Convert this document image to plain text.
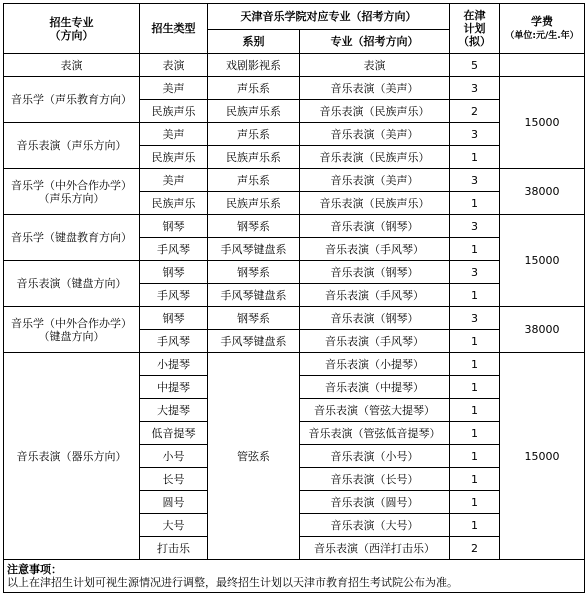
招生专业
（方向）	招生类型	天津音乐学院对应专业（招考方向）		在津
计划
（拟）	学费
（单位:元/生.年）
		系别	专业（招考方向）		
表演	表演	戏剧影视系	表演	5	
音乐学（声乐教育方向）	美声	声乐系	音乐表演（美声）	3	15000
	民族声乐	民族声乐系	音乐表演（民族声乐）	2	
音乐表演（声乐方向）	美声	声乐系	音乐表演（美声）	3	
	民族声乐	民族声乐系	音乐表演（民族声乐）	1	
音乐学（中外合作办学）
（声乐方向）	美声	声乐系	音乐表演（美声）	3	38000
	民族声乐	民族声乐系	音乐表演（民族声乐）	1	
音乐学（键盘教育方向）	钢琴	钢琴系	音乐表演（钢琴）	3	15000
	手风琴	手风琴键盘系	音乐表演（手风琴）	1	
音乐表演（键盘方向）	钢琴	钢琴系	音乐表演（钢琴）	3	
	手风琴	手风琴键盘系	音乐表演（手风琴）	1	
音乐学（中外合作办学）
（键盘方向）	钢琴	钢琴系	音乐表演（钢琴）	3	38000
	手风琴	手风琴键盘系	音乐表演（手风琴）	1	
音乐表演（器乐方向）	小提琴	管弦系	音乐表演（小提琴）	1	15000
	中提琴		音乐表演（中提琴）	1	
	大提琴		音乐表演（管弦大提琴）	1	
	低音提琴		音乐表演（管弦低音提琴）	1	
	小号		音乐表演（小号）	1	
	长号		音乐表演（长号）	1	
	圆号		音乐表演（圆号）	1	
	大号		音乐表演（大号）	1	
	打击乐		音乐表演（西洋打击乐）	2	

注意事项：
以上在津招生计划可视生源情况进行调整，最终招生计划以天津市教育招生考试院公布为准。					
